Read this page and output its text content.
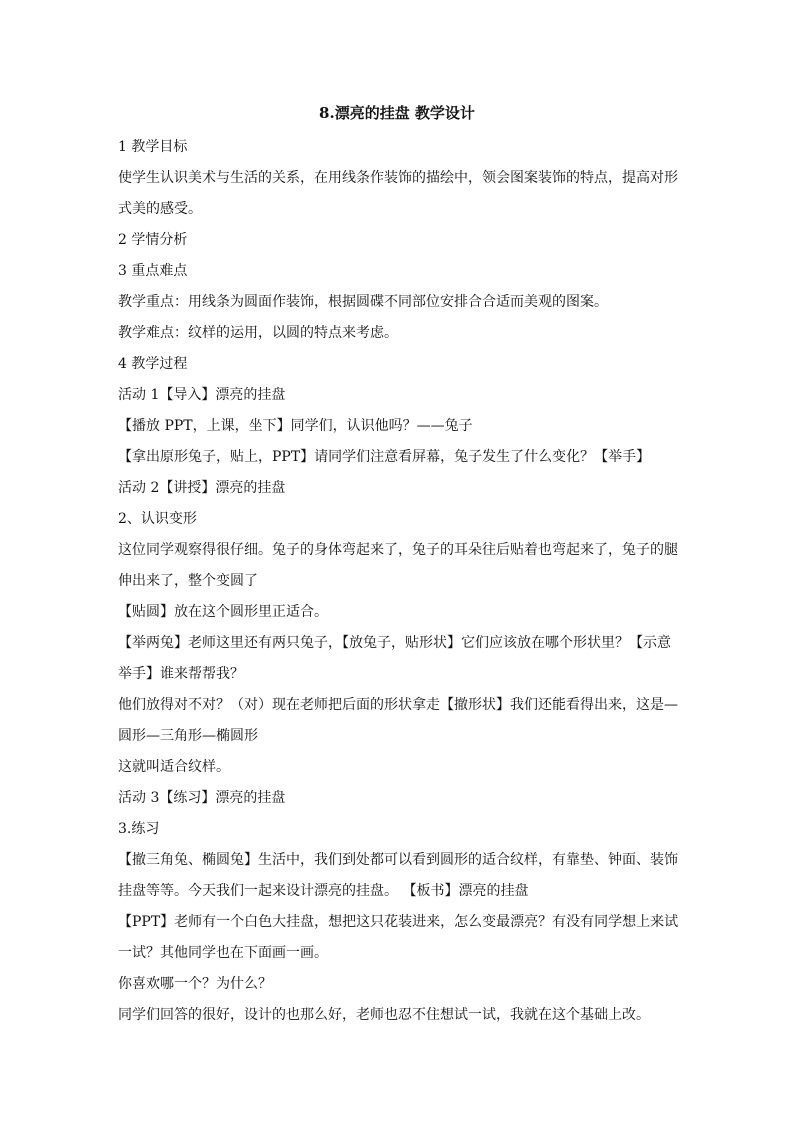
8.漂亮的挂盘 教学设计

1 教学目标

使学生认识美术与生活的关系，在用线条作装饰的描绘中，领会图案装饰的特点，提高对形

式美的感受。

2 学情分析

3 重点难点

教学重点：用线条为圆面作装饰，根据圆碟不同部位安排合合适而美观的图案。

教学难点：纹样的运用，以圆的特点来考虑。

4 教学过程

活动 1【导入】漂亮的挂盘

【播放 PPT，上课，坐下】同学们，认识他吗？——兔子

【拿出原形兔子，贴上，PPT】请同学们注意看屏幕，兔子发生了什么变化？【举手】

活动 2【讲授】漂亮的挂盘

2、认识变形

这位同学观察得很仔细。兔子的身体弯起来了，兔子的耳朵往后贴着也弯起来了，兔子的腿

伸出来了，整个变圆了

【贴圆】放在这个圆形里正适合。

【举两兔】老师这里还有两只兔子，【放兔子，贴形状】它们应该放在哪个形状里？【示意

举手】谁来帮帮我？

他们放得对不对？（对）现在老师把后面的形状拿走【撤形状】我们还能看得出来，这是—

圆形—三角形—椭圆形

这就叫适合纹样。

活动 3【练习】漂亮的挂盘

3.练习

【撤三角兔、椭圆兔】生活中，我们到处都可以看到圆形的适合纹样，有靠垫、钟面、装饰

挂盘等等。今天我们一起来设计漂亮的挂盘。 【板书】漂亮的挂盘

【PPT】老师有一个白色大挂盘，想把这只花装进来，怎么变最漂亮？有没有同学想上来试

一试？其他同学也在下面画一画。

你喜欢哪一个？为什么？

同学们回答的很好，设计的也那么好，老师也忍不住想试一试，我就在这个基础上改。
